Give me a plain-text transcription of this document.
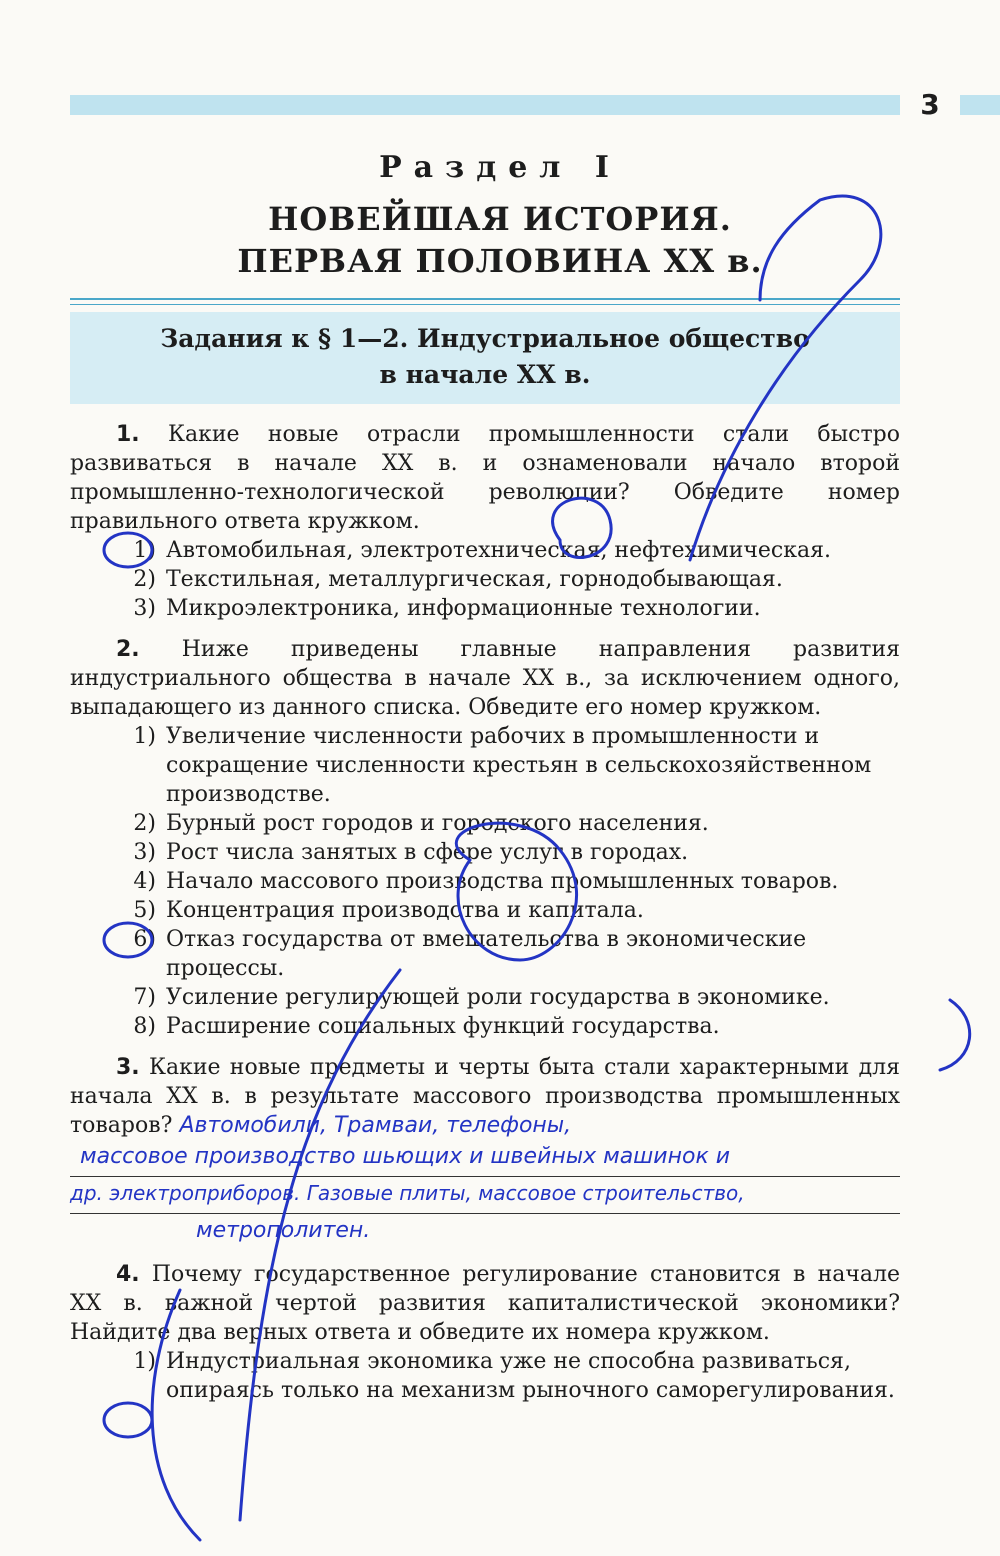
3
Раздел I
НОВЕЙШАЯ ИСТОРИЯ.
ПЕРВАЯ ПОЛОВИНА XX в.
Задания к § 1—2. Индустриальное общество
в начале XX в.

1. Какие новые отрасли промышленности стали быстро развиваться в начале XX в. и ознаменовали начало второй промышленно-технологической революции? Обведите номер правильного ответа кружком.

1) Автомобильная, электротехническая, нефтехимическая.
2) Текстильная, металлургическая, горнодобывающая.
3) Микроэлектроника, информационные технологии.

2. Ниже приведены главные направления развития индустриального общества в начале XX в., за исключением одного, выпадающего из данного списка. Обведите его номер кружком.

1) Увеличение численности рабочих в промышленности и сокращение численности крестьян в сельскохозяйственном производстве.
2) Бурный рост городов и городского населения.
3) Рост числа занятых в сфере услуг в городах.
4) Начало массового производства промышленных товаров.
5) Концентрация производства и капитала.
6) Отказ государства от вмешательства в экономические процессы.
7) Усиление регулирующей роли государства в экономике.
8) Расширение социальных функций государства.

3. Какие новые предметы и черты быта стали характерными для начала XX в. в результате массового производства промышленных товаров? Автомобили, Трамваи, телефоны,

массовое производство шьющих и швейных машинок и
др. электроприборов. Газовые плиты, массовое строительство,
метрополитен.

4. Почему государственное регулирование становится в начале XX в. важной чертой развития капиталистической экономики? Найдите два верных ответа и обведите их номера кружком.

1) Индустриальная экономика уже не способна развиваться, опираясь только на механизм рыночного саморегулирования.
